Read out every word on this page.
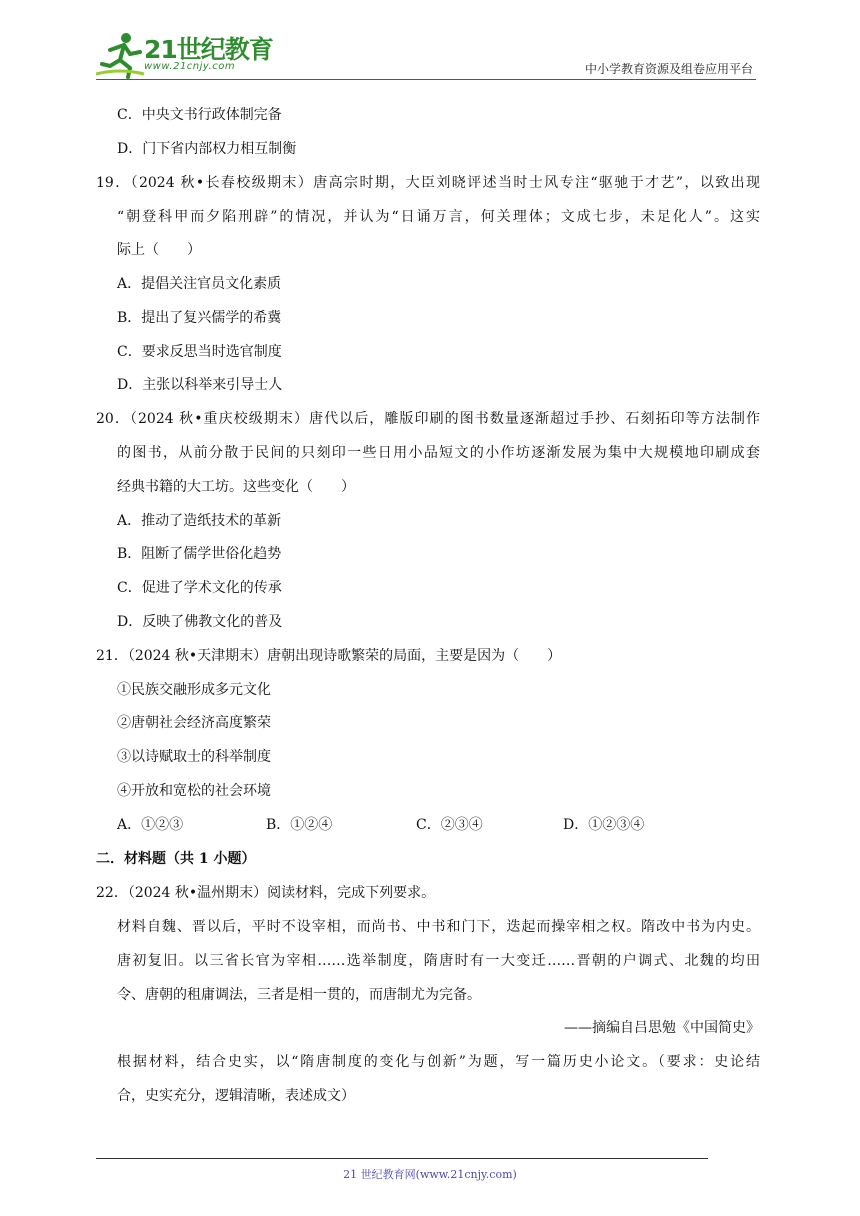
21世纪教育
www.21cnjy.com	中小学教育资源及组卷应用平台
C．中央文书行政体制完备
D．门下省内部权力相互制衡
19．（2024 秋•长春校级期末）唐高宗时期，大臣刘晓评述当时士风专注“驱驰于才艺”，以致出现
“朝登科甲而夕陷刑辟”的情况，并认为“日诵万言，何关理体；文成七步，未足化人”。这实
际上（　　）
A．提倡关注官员文化素质
B．提出了复兴儒学的希冀
C．要求反思当时选官制度
D．主张以科举来引导士人
20．（2024 秋•重庆校级期末）唐代以后，雕版印刷的图书数量逐渐超过手抄、石刻拓印等方法制作
的图书，从前分散于民间的只刻印一些日用小品短文的小作坊逐渐发展为集中大规模地印刷成套
经典书籍的大工坊。这些变化（　　）
A．推动了造纸技术的革新
B．阻断了儒学世俗化趋势
C．促进了学术文化的传承
D．反映了佛教文化的普及
21．（2024 秋•天津期末）唐朝出现诗歌繁荣的局面，主要是因为（　　）
①民族交融形成多元文化
②唐朝社会经济高度繁荣
③以诗赋取士的科举制度
④开放和宽松的社会环境
A．①②③	B．①②④	C．②③④	D．①②③④
二．材料题（共 1 小题）
22．（2024 秋•温州期末）阅读材料，完成下列要求。
材料自魏、晋以后，平时不设宰相，而尚书、中书和门下，迭起而操宰相之权。隋改中书为内史。
唐初复旧。以三省长官为宰相……选举制度，隋唐时有一大变迁……晋朝的户调式、北魏的均田
令、唐朝的租庸调法，三者是相一贯的，而唐制尤为完备。
——摘编自吕思勉《中国简史》
根据材料，结合史实，以“隋唐制度的变化与创新”为题，写一篇历史小论文。（要求：史论结
合，史实充分，逻辑清晰，表述成文）
21 世纪教育网(www.21cnjy.com)
